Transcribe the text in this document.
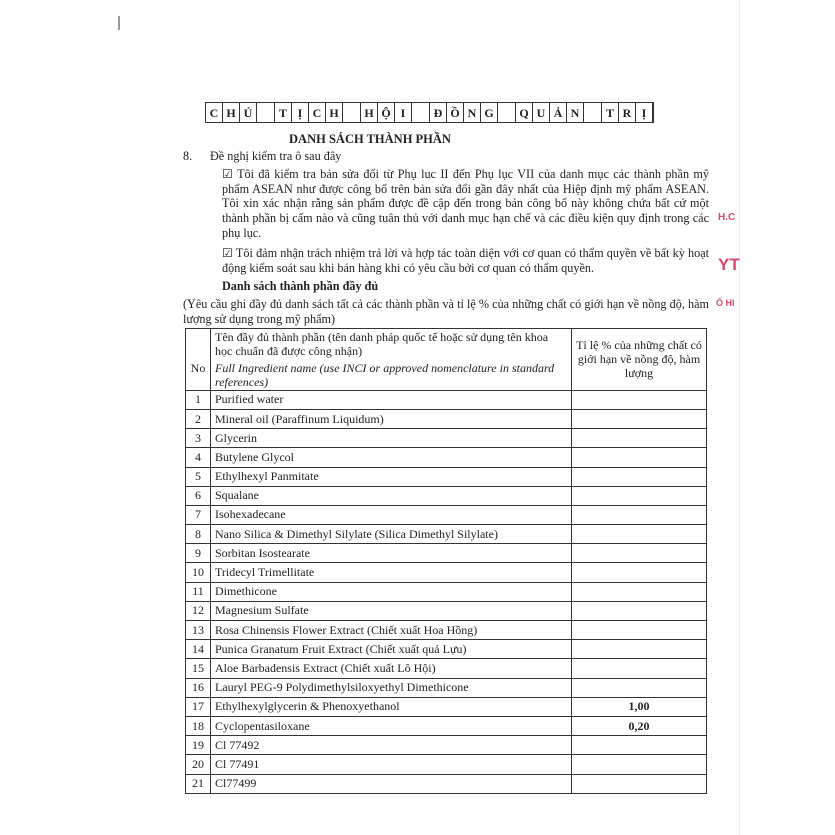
C H Ủ	T Ị C H	H Ộ I	Đ Ồ N G	Q U Ả N	T R Ị
DANH SÁCH THÀNH PHẦN
8.	Đề nghị kiểm tra ô sau đây
☑ Tôi đã kiểm tra bản sửa đổi từ Phụ luc II đến Phụ lục VII của danh mục các thành phần mỹ phẩm ASEAN như được công bố trên bản sửa đổi gần đây nhất của Hiệp định mỹ phẩm ASEAN. Tôi xin xác nhận rằng sản phẩm được đề cập đến trong bản công bố này không chứa bất cứ một thành phần bị cấm nào và cũng tuân thủ với danh mục hạn chế và các điều kiện quy định trong các phụ lục.
☑ Tôi đảm nhận trách nhiệm trả lời và hợp tác toàn diện với cơ quan có thẩm quyền về bất kỳ hoạt động kiểm soát sau khi bán hàng khi có yêu cầu bởi cơ quan có thẩm quyền.
Danh sách thành phần đầy đủ
(Yêu cầu ghi đầy đủ danh sách tất cả các thành phần và tỉ lệ % của những chất có giới hạn về nồng độ, hàm lượng sử dụng trong mỹ phẩm)
No	Tên đầy đủ thành phần (tên danh pháp quốc tế hoặc sử dụng tên khoa học chuẩn đã được công nhận)
Full Ingredient name (use INCI or approved nomenclature in standard references)	Tỉ lệ % của những chất có giới hạn về nồng độ, hàm lượng
1	Purified water	
2	Mineral oil (Paraffinum Liquidum)	
3	Glycerin	
4	Butylene Glycol	
5	Ethylhexyl Panmitate	
6	Squalane	
7	Isohexadecane	
8	Nano Silica & Dimethyl Silylate (Silica Dimethyl Silylate)	
9	Sorbitan Isostearate	
10	Tridecyl Trimellitate	
11	Dimethicone	
12	Magnesium Sulfate	
13	Rosa Chinensis Flower Extract (Chiết xuất Hoa Hồng)	
14	Punica Granatum Fruit Extract (Chiết xuất quả Lựu)	
15	Aloe Barbadensis Extract (Chiết xuất Lô Hội)	
16	Lauryl PEG-9 Polydimethylsiloxyethyl Dimethicone	
17	Ethylhexylglycerin & Phenoxyethanol	1,00
18	Cyclopentasiloxane	0,20
19	Cl 77492	
20	Cl 77491	
21	Cl77499	
H.C
YT
Ố HI
